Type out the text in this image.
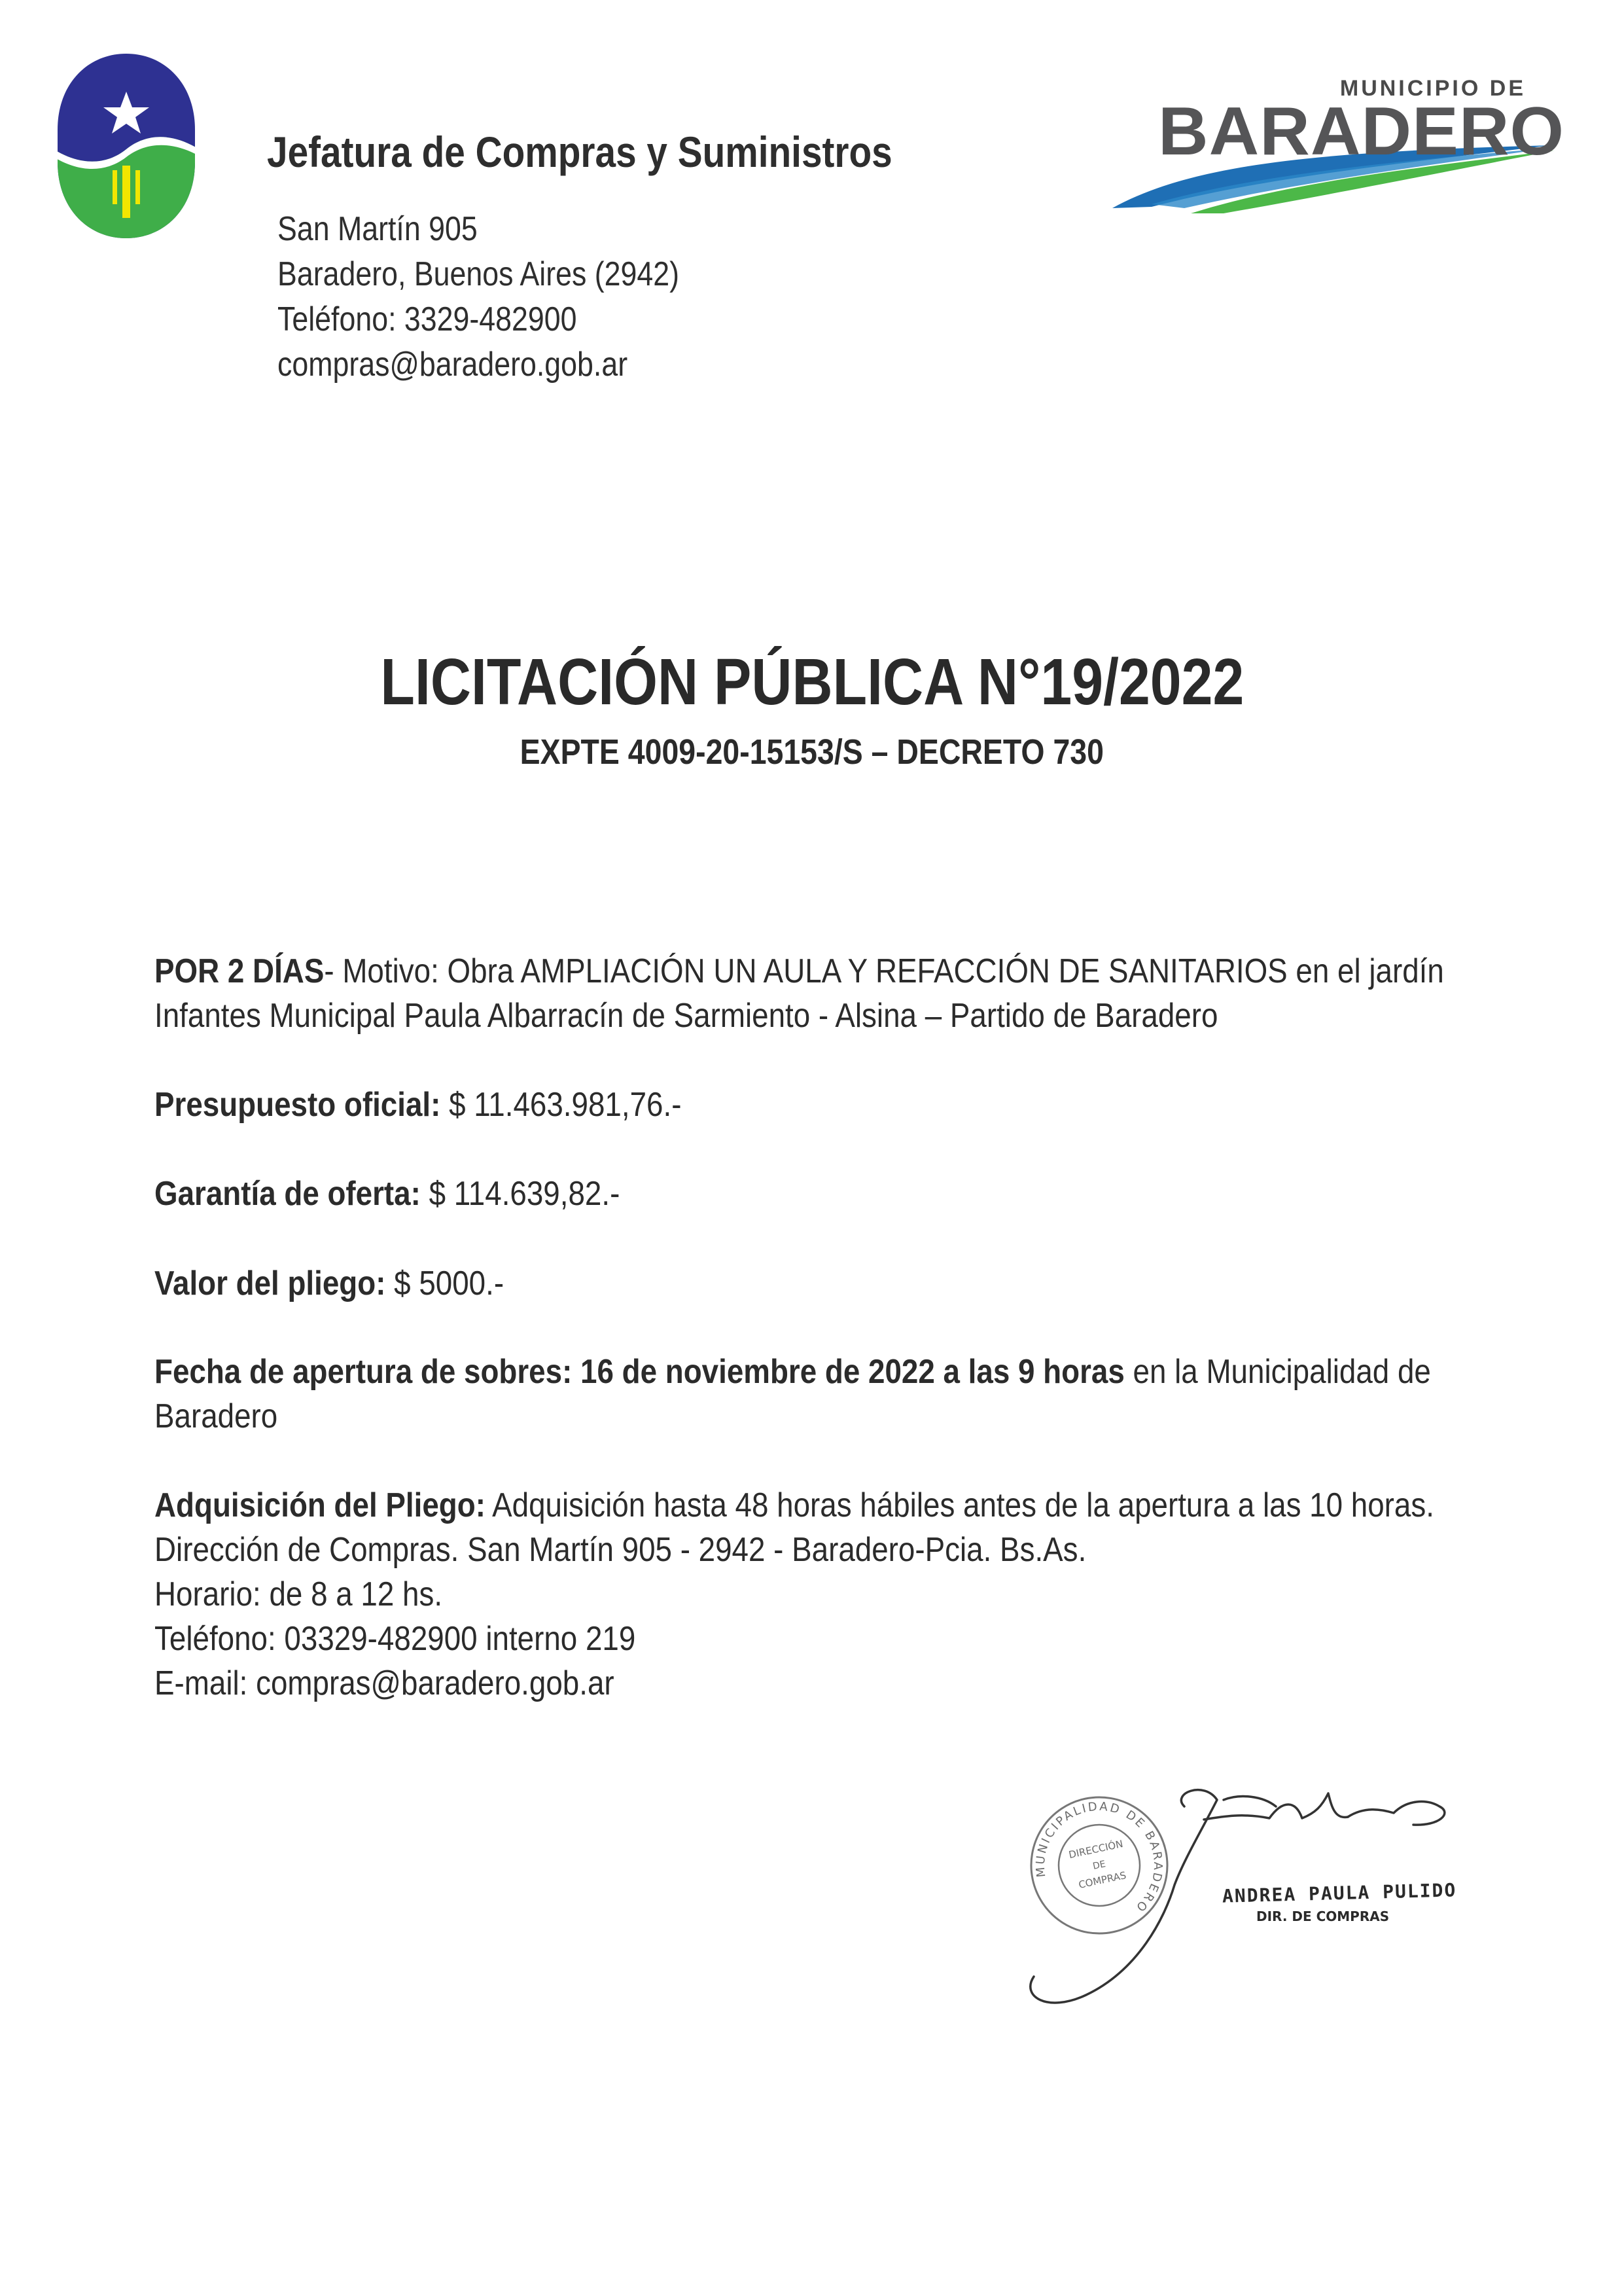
Jefatura de Compras y Suministros
San Martín 905
Baradero, Buenos Aires (2942)
Teléfono: 3329-482900
compras@baradero.gob.ar
MUNICIPIO DE
BARADERO
LICITACIÓN PÚBLICA N°19/2022
EXPTE 4009-20-15153/S – DECRETO 730
POR 2 DÍAS- Motivo: Obra AMPLIACIÓN UN AULA Y REFACCIÓN DE SANITARIOS en el jardín
Infantes Municipal Paula Albarracín de Sarmiento - Alsina – Partido de Baradero
Presupuesto oficial: $ 11.463.981,76.-
Garantía de oferta: $ 114.639,82.-
Valor del pliego: $ 5000.-
Fecha de apertura de sobres: 16 de noviembre de 2022 a las 9 horas en la Municipalidad de
Baradero
Adquisición del Pliego: Adquisición hasta 48 horas hábiles antes de la apertura a las 10 horas.
Dirección de Compras. San Martín 905 - 2942 - Baradero-Pcia. Bs.As.
Horario: de 8 a 12 hs.
Teléfono: 03329-482900 interno 219
E-mail: compras@baradero.gob.ar
MUNICIPALIDAD DE BARADERO
DIRECCIÓN
DE
COMPRAS	ANDREA PAULA PULIDO
DIR. DE COMPRAS
